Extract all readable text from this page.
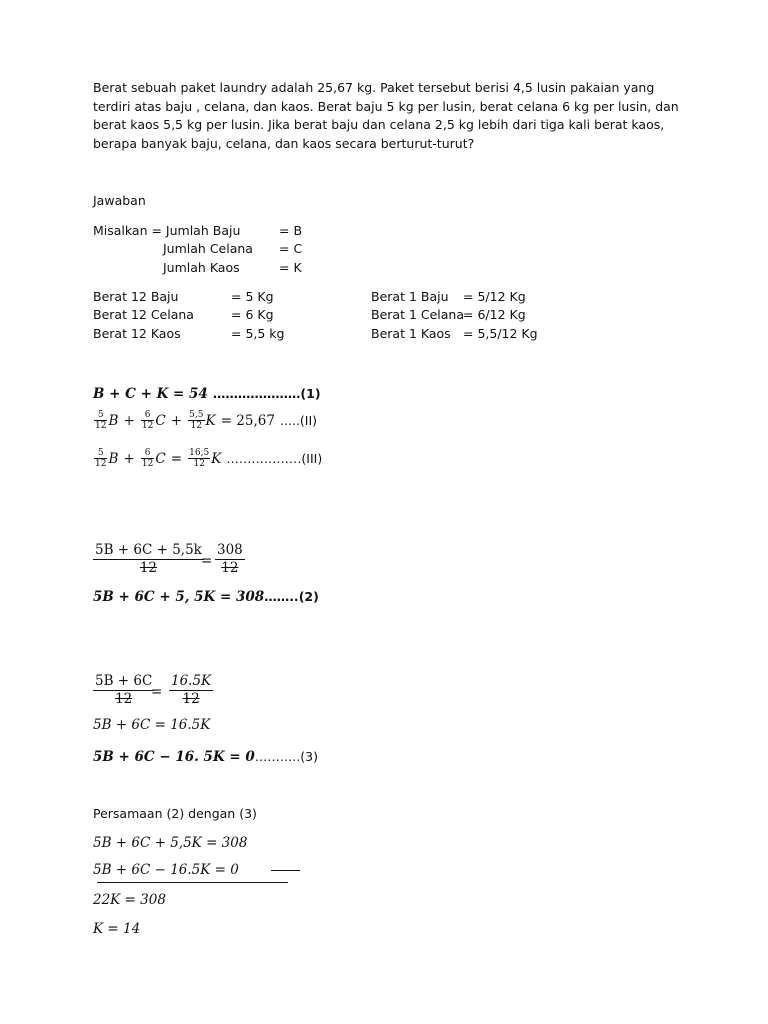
Berat sebuah paket laundry adalah 25,67 kg. Paket tersebut berisi 4,5 lusin pakaian yang
terdiri atas baju , celana, dan kaos. Berat baju 5 kg per lusin, berat celana 6 kg per lusin, dan
berat kaos 5,5 kg per lusin. Jika berat baju dan celana 2,5 kg lebih dari tiga kali berat kaos,
berapa banyak baju, celana, dan kaos secara berturut-turut?
Jawaban
Misalkan = Jumlah Baju	= B
Jumlah Celana = C
Jumlah Kaos	= K
Berat 12 Baju	= 5 Kg	Berat 1 Baju = 5/12 Kg
Berat 12 Celana	= 6 Kg	Berat 1 Celana = 6/12 Kg
Berat 12 Kaos	= 5,5 kg	Berat 1 Kaos = 5,5/12 Kg
B + C + K = 54 …………………(1)
$\frac{5}{12}$ $B + \frac{6}{12}$ $C + \frac{5,5}{12}$ K = 25,67 .....(II)
$\frac{5}{12}$ $B + \frac{6}{12}$ $C = \frac{16,5}{12}$ K ………………(III)
5B + 6C + 5,5k
12	=
308
12
5B + 6C + 5, 5K = 308……..(2)
5B + 6C
12	=
16.5K
12
5B + 6C = 16.5K
5B + 6C − 16. 5K = 0………..(3)
Persamaan (2) dengan (3)
5B + 6C + 5,5K = 308
5B + 6C − 16.5K = 0
22K = 308
K = 14
